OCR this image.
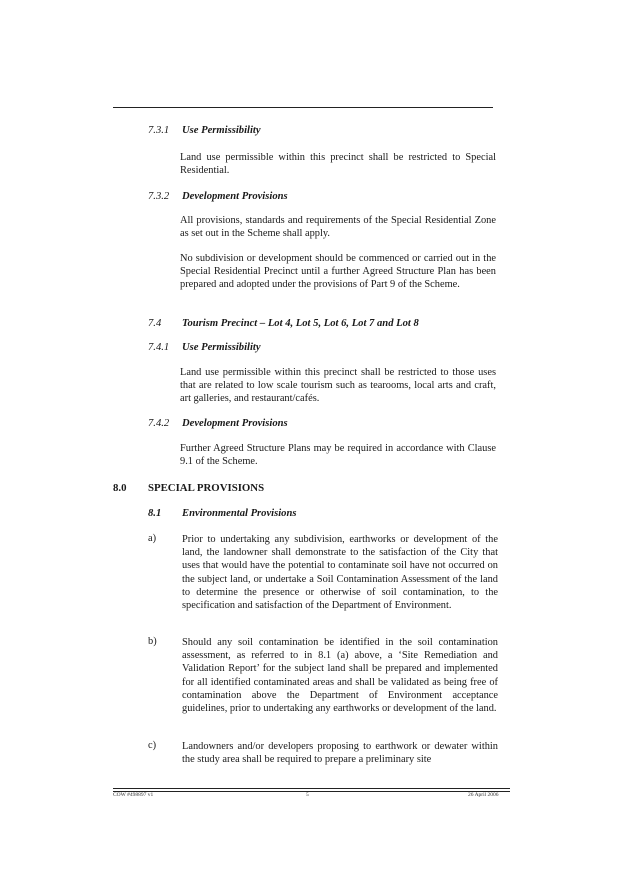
7.3.1 Use Permissibility
Land use permissible within this precinct shall be restricted to Special Residential.
7.3.2 Development Provisions
All provisions, standards and requirements of the Special Residential Zone as set out in the Scheme shall apply.
No subdivision or development should be commenced or carried out in the Special Residential Precinct until a further Agreed Structure Plan has been prepared and adopted under the provisions of Part 9 of the Scheme.
7.4 Tourism Precinct – Lot 4, Lot 5, Lot 6, Lot 7 and Lot 8
7.4.1 Use Permissibility
Land use permissible within this precinct shall be restricted to those uses that are related to low scale tourism such as tearooms, local arts and craft, art galleries, and restaurant/cafés.
7.4.2 Development Provisions
Further Agreed Structure Plans may be required in accordance with Clause 9.1 of the Scheme.
8.0 SPECIAL PROVISIONS
8.1 Environmental Provisions
a) Prior to undertaking any subdivision, earthworks or development of the land, the landowner shall demonstrate to the satisfaction of the City that uses that would have the potential to contaminate soil have not occurred on the subject land, or undertake a Soil Contamination Assessment of the land to determine the presence or otherwise of soil contamination, to the specification and satisfaction of the Department of Environment.
b) Should any soil contamination be identified in the soil contamination assessment, as referred to in 8.1 (a) above, a ‘Site Remediation and Validation Report’ for the subject land shall be prepared and implemented for all identified contaminated areas and shall be validated as being free of contamination above the Department of Environment acceptance guidelines, prior to undertaking any earthworks or development of the land.
c) Landowners and/or developers proposing to earthwork or dewater within the study area shall be required to prepare a preliminary site
COW #498897 v1	5	26 April 2006
